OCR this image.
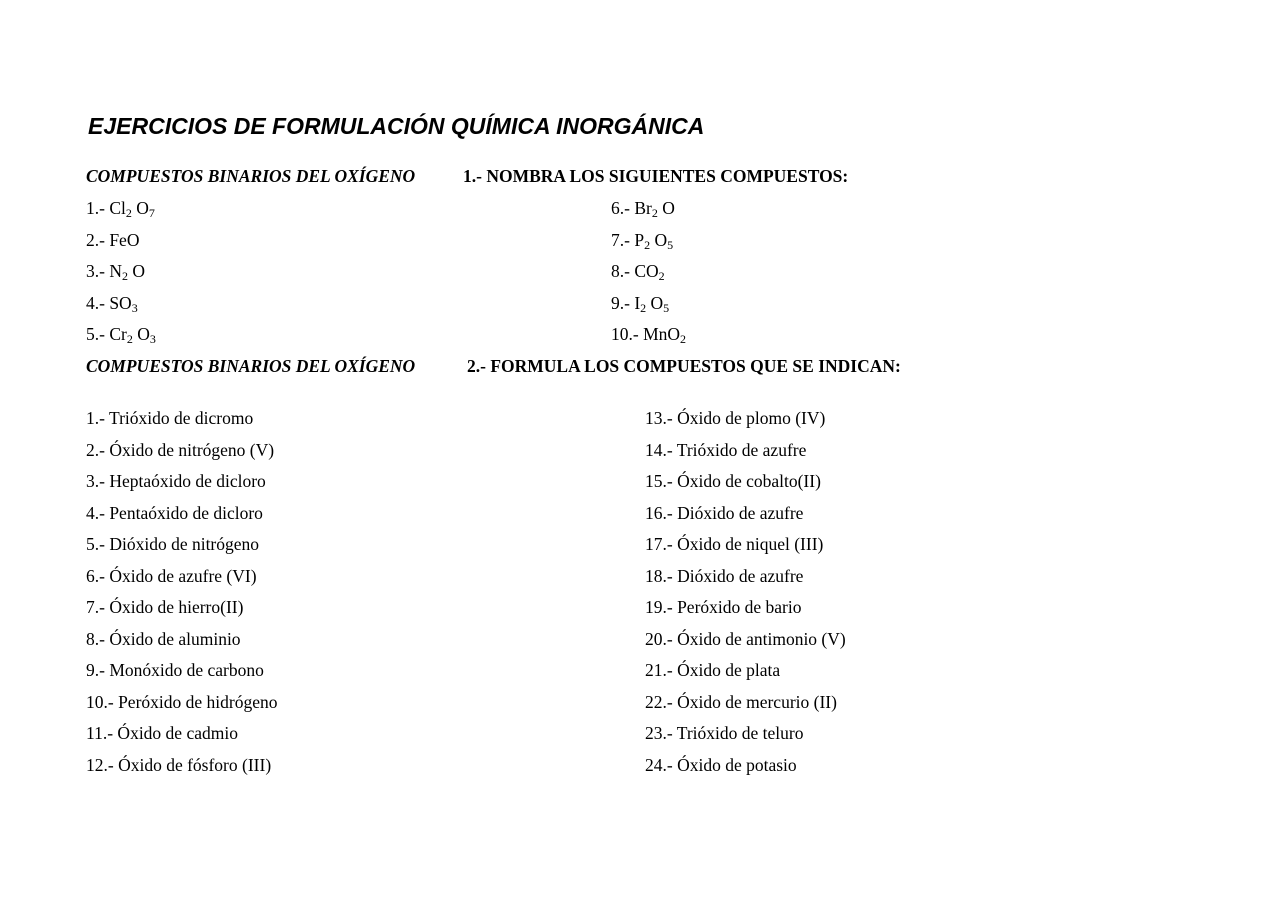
EJERCICIOS DE FORMULACIÓN QUÍMICA INORGÁNICA
COMPUESTOS BINARIOS DEL OXÍGENO	1.- NOMBRA LOS SIGUIENTES COMPUESTOS:
1.- $Cl_2$ $O_7$
2.- FeO
3.- $N_2$ O
4.- $SO_3$
5.- $Cr_2$ $O_3$
6.- $Br_2$ O
7.- $P_2$ $O_5$
8.- $CO_2$
9.- $I_2$ $O_5$
10.- MnO$_2$
COMPUESTOS BINARIOS DEL OXÍGENO	2.- FORMULA LOS COMPUESTOS QUE SE INDICAN:
1.- Trióxido de dicromo
2.- Óxido de nitrógeno (V)
3.- Heptaóxido de dicloro
4.- Pentaóxido de dicloro
5.- Dióxido de nitrógeno
6.- Óxido de azufre (VI)
7.- Óxido de hierro(II)
8.- Óxido de aluminio
9.- Monóxido de carbono
10.- Peróxido de hidrógeno
11.- Óxido de cadmio
12.- Óxido de fósforo (III)
13.- Óxido de plomo (IV)
14.- Trióxido de azufre
15.- Óxido de cobalto(II)
16.- Dióxido de azufre
17.- Óxido de niquel (III)
18.- Dióxido de azufre
19.- Peróxido de bario
20.- Óxido de antimonio (V)
21.- Óxido de plata
22.- Óxido de mercurio (II)
23.- Trióxido de teluro
24.- Óxido de potasio
